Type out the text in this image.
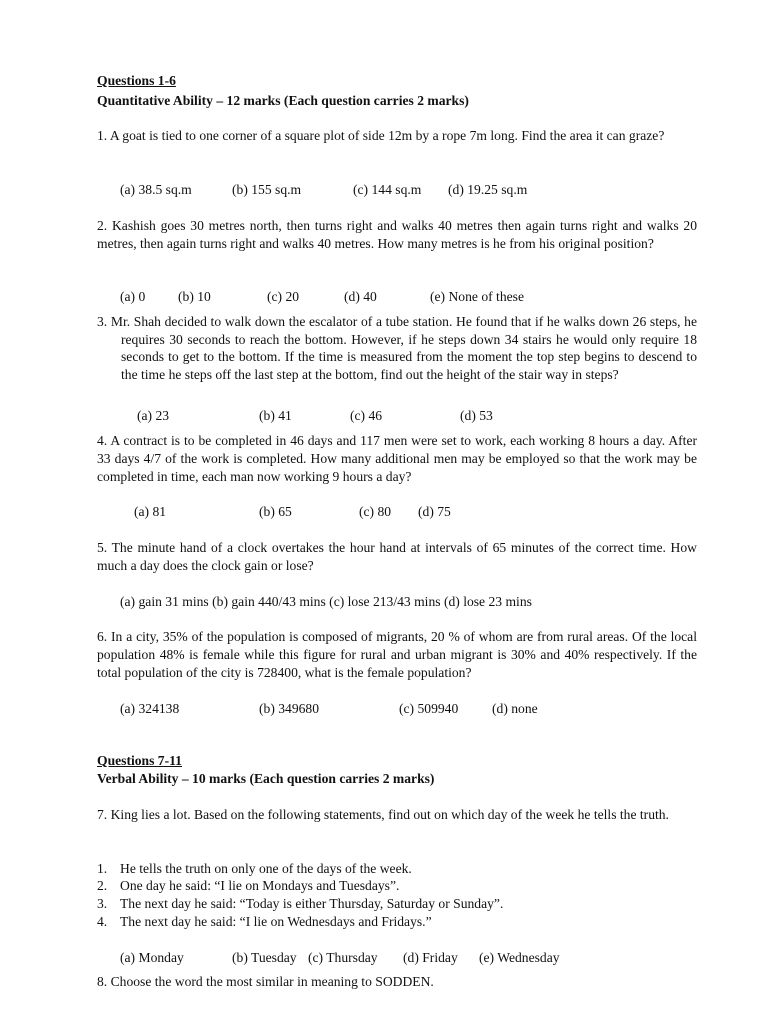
Questions 1-6
Quantitative Ability – 12 marks (Each question carries 2 marks)
1. A goat is tied to one corner of a square plot of side 12m by a rope 7m long. Find the area it can graze?
(a) 38.5 sq.m	(b) 155 sq.m	(c) 144 sq.m (d) 19.25 sq.m
2. Kashish goes 30 metres north, then turns right and walks 40 metres then again turns right and walks 20 metres, then again turns right and walks 40 metres. How many metres is he from his original position?
(a) 0 (b) 10	(c) 20	(d) 40	(e) None of these
3. Mr. Shah decided to walk down the escalator of a tube station. He found that if he walks down 26 steps, he requires 30 seconds to reach the bottom. However, if he steps down 34 stairs he would only require 18 seconds to get to the bottom. If the time is measured from the moment the top step begins to descend to the time he steps off the last step at the bottom, find out the height of the stair way in steps?
(a) 23	(b) 41	(c) 46	(d) 53
4. A contract is to be completed in 46 days and 117 men were set to work, each working 8 hours a day. After 33 days 4/7 of the work is completed. How many additional men may be employed so that the work may be completed in time, each man now working 9 hours a day?
(a) 81	(b) 65	(c) 80 (d) 75
5. The minute hand of a clock overtakes the hour hand at intervals of 65 minutes of the correct time. How much a day does the clock gain or lose?
(a) gain 31 mins (b) gain 440/43 mins (c) lose 213/43 mins (d) lose 23 mins
6. In a city, 35% of the population is composed of migrants, 20 % of whom are from rural areas. Of the local population 48% is female while this figure for rural and urban migrant is 30% and 40% respectively. If the total population of the city is 728400, what is the female population?
(a) 324138	(b) 349680	(c) 509940 (d) none
Questions 7-11
Verbal Ability – 10 marks (Each question carries 2 marks)
7. King lies a lot. Based on the following statements, find out on which day of the week he tells the truth.
1. He tells the truth on only one of the days of the week.
2. One day he said: “I lie on Mondays and Tuesdays”.
3. The next day he said: “Today is either Thursday, Saturday or Sunday”.
4. The next day he said: “I lie on Wednesdays and Fridays.”
(a) Monday	(b) Tuesday (c) Thursday (d) Friday (e) Wednesday
8. Choose the word the most similar in meaning to SODDEN.
